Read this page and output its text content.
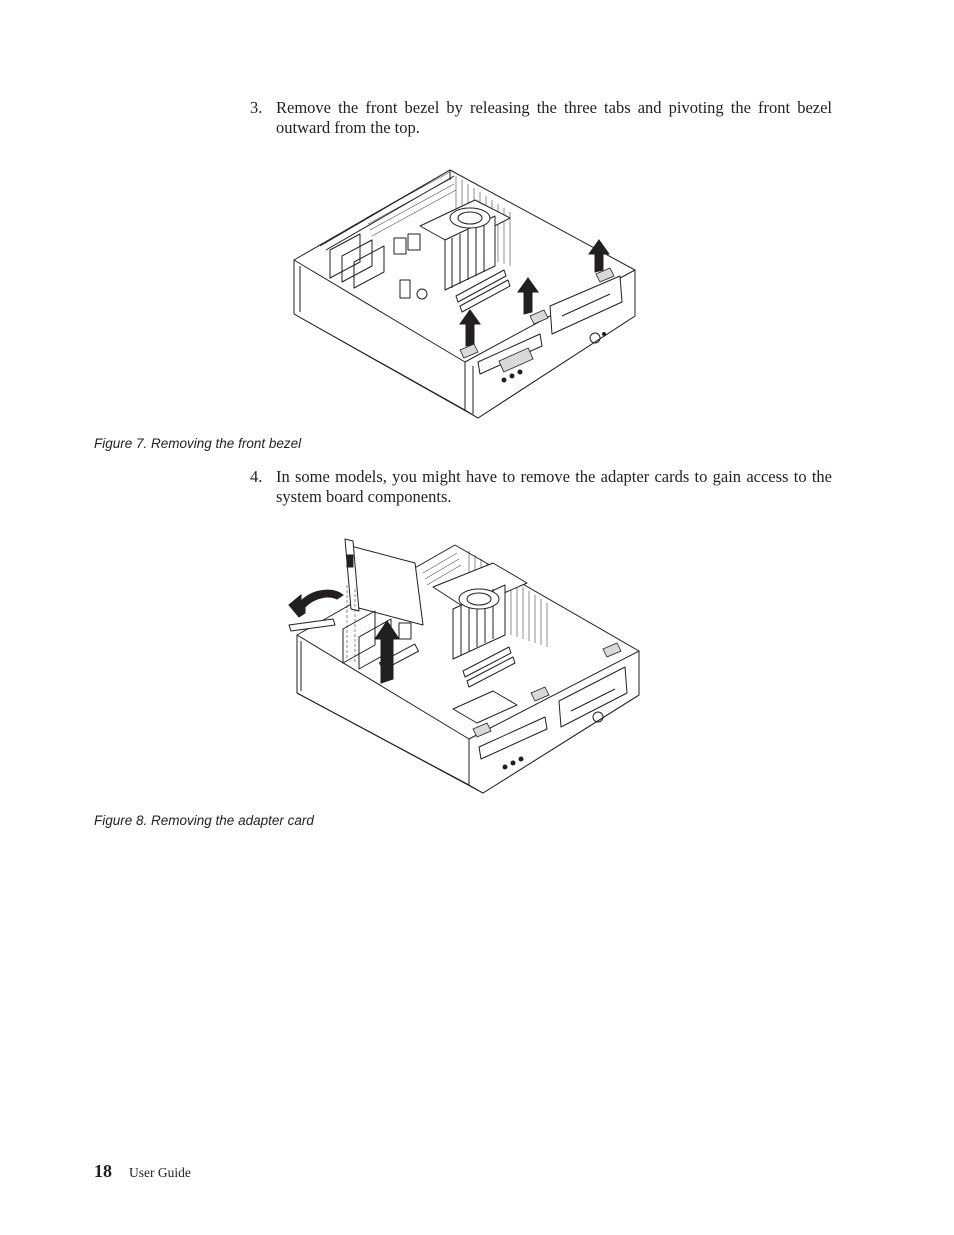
3. Remove the front bezel by releasing the three tabs and pivoting the front bezel outward from the top.
Figure 7. Removing the front bezel
4. In some models, you might have to remove the adapter cards to gain access to the system board components.
Figure 8. Removing the adapter card
18 User Guide
